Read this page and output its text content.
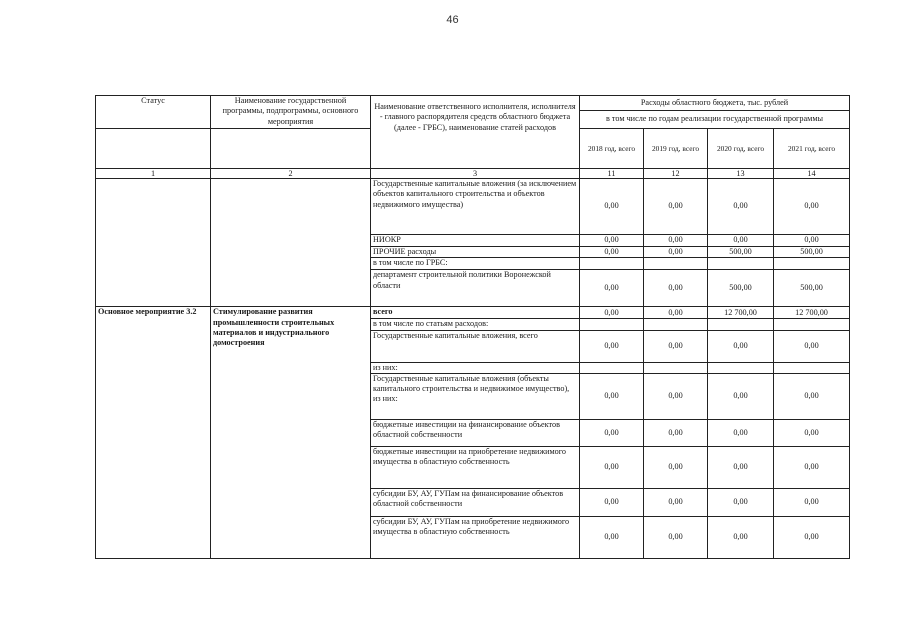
46
Статус	Наименование государственной программы, подпрограммы, основного мероприятия	Наименование ответственного исполнителя, исполнителя - главного распорядителя средств областного бюджета (далее - ГРБС), наименование статей расходов	Расходы областного бюджета, тыс. рублей			
			в том числе по годам реализации государственной программы			
			2018 год, всего	2019 год, всего	2020 год, всего	2021 год, всего
1	2	3	11	12	13	14
		Государственные капитальные вложения (за исключением объектов капитального строительства и объектов недвижимого имущества)	0,00	0,00	0,00	0,00
		НИОКР	0,00	0,00	0,00	0,00
		ПРОЧИЕ расходы	0,00	0,00	500,00	500,00
		в том числе по ГРБС:				
		департамент строительной политики Воронежской области	0,00	0,00	500,00	500,00
Основное мероприятие 3.2	Стимулирование развития промышленности строительных материалов и индустриального домостроения	всего	0,00	0,00	12 700,00	12 700,00
		в том числе по статьям расходов:				
		Государственные капитальные вложения, всего	0,00	0,00	0,00	0,00
		из них:				
		Государственные капитальные вложения (объекты капитального строительства и недвижимое имущество), из них:	0,00	0,00	0,00	0,00
		бюджетные инвестиции на финансирование объектов областной собственности	0,00	0,00	0,00	0,00
		бюджетные инвестиции на приобретение недвижимого имущества в областную собственность	0,00	0,00	0,00	0,00
		субсидии БУ, АУ, ГУПам на финансирование объектов областной собственности	0,00	0,00	0,00	0,00
		субсидии БУ, АУ, ГУПам на приобретение недвижимого имущества в областную собственность	0,00	0,00	0,00	0,00
